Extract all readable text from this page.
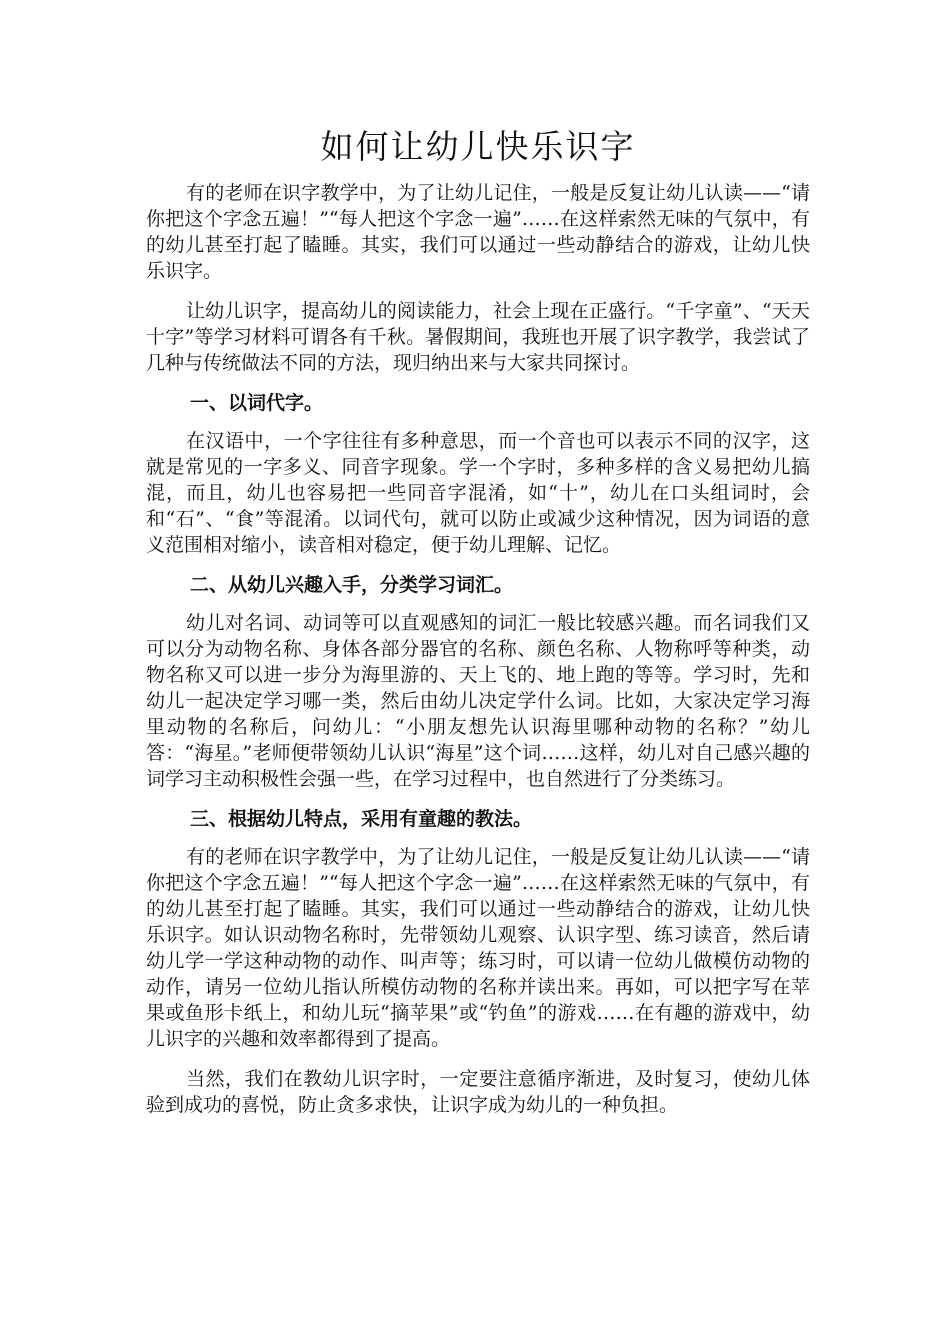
如何让幼儿快乐识字

有的老师在识字教学中，为了让幼儿记住，一般是反复让幼儿认读——“请你把这个字念五遍！”“每人把这个字念一遍”……在这样索然无味的气氛中，有的幼儿甚至打起了瞌睡。其实，我们可以通过一些动静结合的游戏，让幼儿快乐识字。

让幼儿识字，提高幼儿的阅读能力，社会上现在正盛行。“千字童”、“天天十字”等学习材料可谓各有千秋。暑假期间，我班也开展了识字教学，我尝试了几种与传统做法不同的方法，现归纳出来与大家共同探讨。

一、以词代字。

在汉语中，一个字往往有多种意思，而一个音也可以表示不同的汉字，这就是常见的一字多义、同音字现象。学一个字时，多种多样的含义易把幼儿搞混，而且，幼儿也容易把一些同音字混淆，如“十”，幼儿在口头组词时，会和“石”、“食”等混淆。以词代句，就可以防止或减少这种情况，因为词语的意义范围相对缩小，读音相对稳定，便于幼儿理解、记忆。

二、从幼儿兴趣入手，分类学习词汇。

幼儿对名词、动词等可以直观感知的词汇一般比较感兴趣。而名词我们又可以分为动物名称、身体各部分器官的名称、颜色名称、人物称呼等种类，动物名称又可以进一步分为海里游的、天上飞的、地上跑的等等。学习时，先和幼儿一起决定学习哪一类，然后由幼儿决定学什么词。比如，大家决定学习海里动物的名称后，问幼儿：“小朋友想先认识海里哪种动物的名称？”幼儿答：“海星。”老师便带领幼儿认识“海星”这个词……这样，幼儿对自己感兴趣的词学习主动积极性会强一些，在学习过程中，也自然进行了分类练习。

三、根据幼儿特点，采用有童趣的教法。

有的老师在识字教学中，为了让幼儿记住，一般是反复让幼儿认读——“请你把这个字念五遍！”“每人把这个字念一遍”……在这样索然无味的气氛中，有的幼儿甚至打起了瞌睡。其实，我们可以通过一些动静结合的游戏，让幼儿快乐识字。如认识动物名称时，先带领幼儿观察、认识字型、练习读音，然后请幼儿学一学这种动物的动作、叫声等；练习时，可以请一位幼儿做模仿动物的动作，请另一位幼儿指认所模仿动物的名称并读出来。再如，可以把字写在苹果或鱼形卡纸上，和幼儿玩“摘苹果”或“钓鱼”的游戏……在有趣的游戏中，幼儿识字的兴趣和效率都得到了提高。

当然，我们在教幼儿识字时，一定要注意循序渐进，及时复习，使幼儿体验到成功的喜悦，防止贪多求快，让识字成为幼儿的一种负担。
